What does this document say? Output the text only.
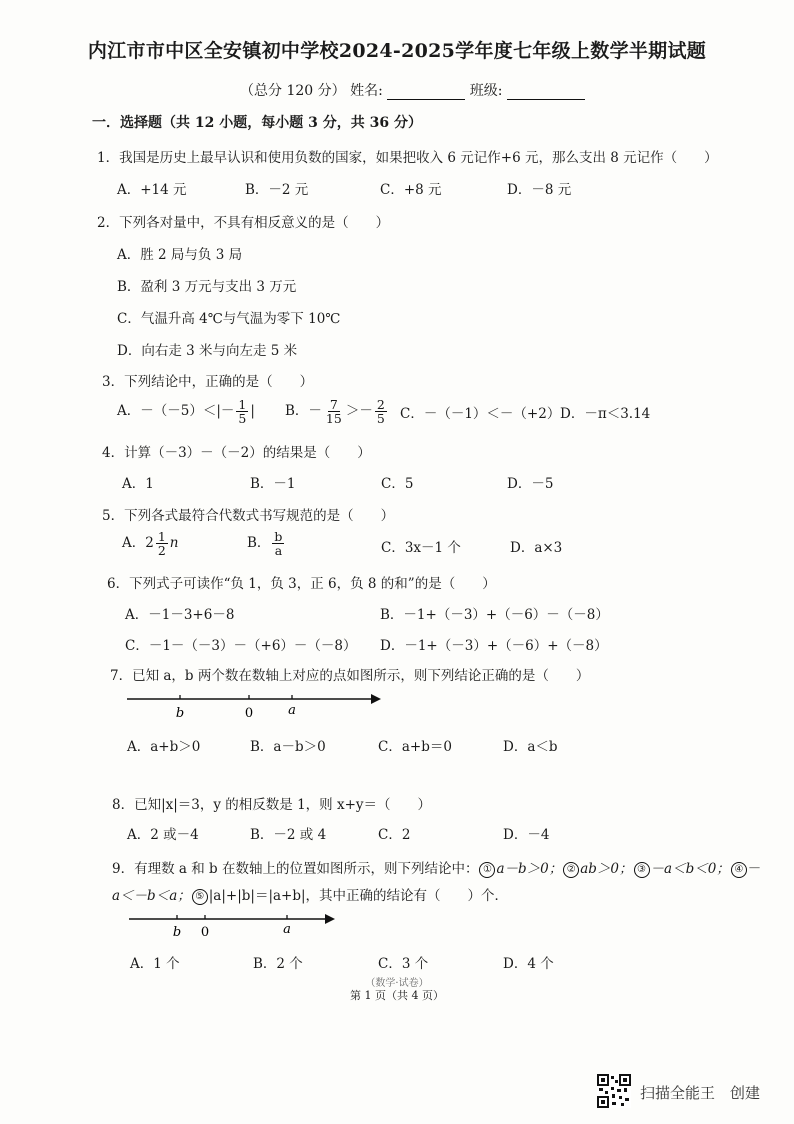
内江市市中区全安镇初中学校2024-2025学年度七年级上数学半期试题
（总分 120 分） 姓名:	班级:
一．选择题（共 12 小题，每小题 3 分，共 36 分）
1．我国是历史上最早认识和使用负数的国家，如果把收入 6 元记作+6 元，那么支出 8 元记作（　　）
A．+14 元	B．－2 元	C．+8 元	D．－8 元
2．下列各对量中，不具有相反意义的是（　　）
A．胜 2 局与负 3 局
B．盈利 3 万元与支出 3 万元
C．气温升高 4℃与气温为零下 10℃
D．向右走 3 米与向左走 5 米
3．下列结论中，正确的是（　　）
A．$-(-5)<|- \frac{1}{5}$ | B．－ $\frac{7}{15} >- \frac{2}{5}$ C．－（－1）＜－（+2） D．－π＜3.14
4．计算（－3）－（－2）的结果是（　　）
A．1	B．－1	C．5	D．－5
5．下列各式最符合代数式书写规范的是（　　）
A．$2 \frac{1}{2}$ n	B． $\frac{b}{a}$	C．3x－1 个	D．a×3
6．下列式子可读作“负 1，负 3，正 6，负 8 的和”的是（　　）
A．－1－3+6－8	B．－1+（－3）+（－6）－（－8）
C．－1－（－3）－（+6）－（－8） D．－1+（－3）+（－6）+（－8）
7．已知 a，b 两个数在数轴上对应的点如图所示，则下列结论正确的是（　　）
b	0	a
A．a+b＞0	B．a－b＞0	C．a+b＝0	D．a＜b
8．已知|x|＝3，y 的相反数是 1，则 x+y＝（　　）
A．2 或－4	B．－2 或 4	C．2	D．－4
9．有理数 a 和 b 在数轴上的位置如图所示，则下列结论中： ① a－b＞0； ② ab＞0； ③ －a＜b＜0； ④ －
a＜－b＜a； ⑤ |a|+|b|＝|a+b|，其中正确的结论有（　　）个．
b 0	a
A．1 个	B．2 个	C．3 个	D．4 个
（数学·试卷）
第 1 页（共 4 页）
扫描全能王　创建
